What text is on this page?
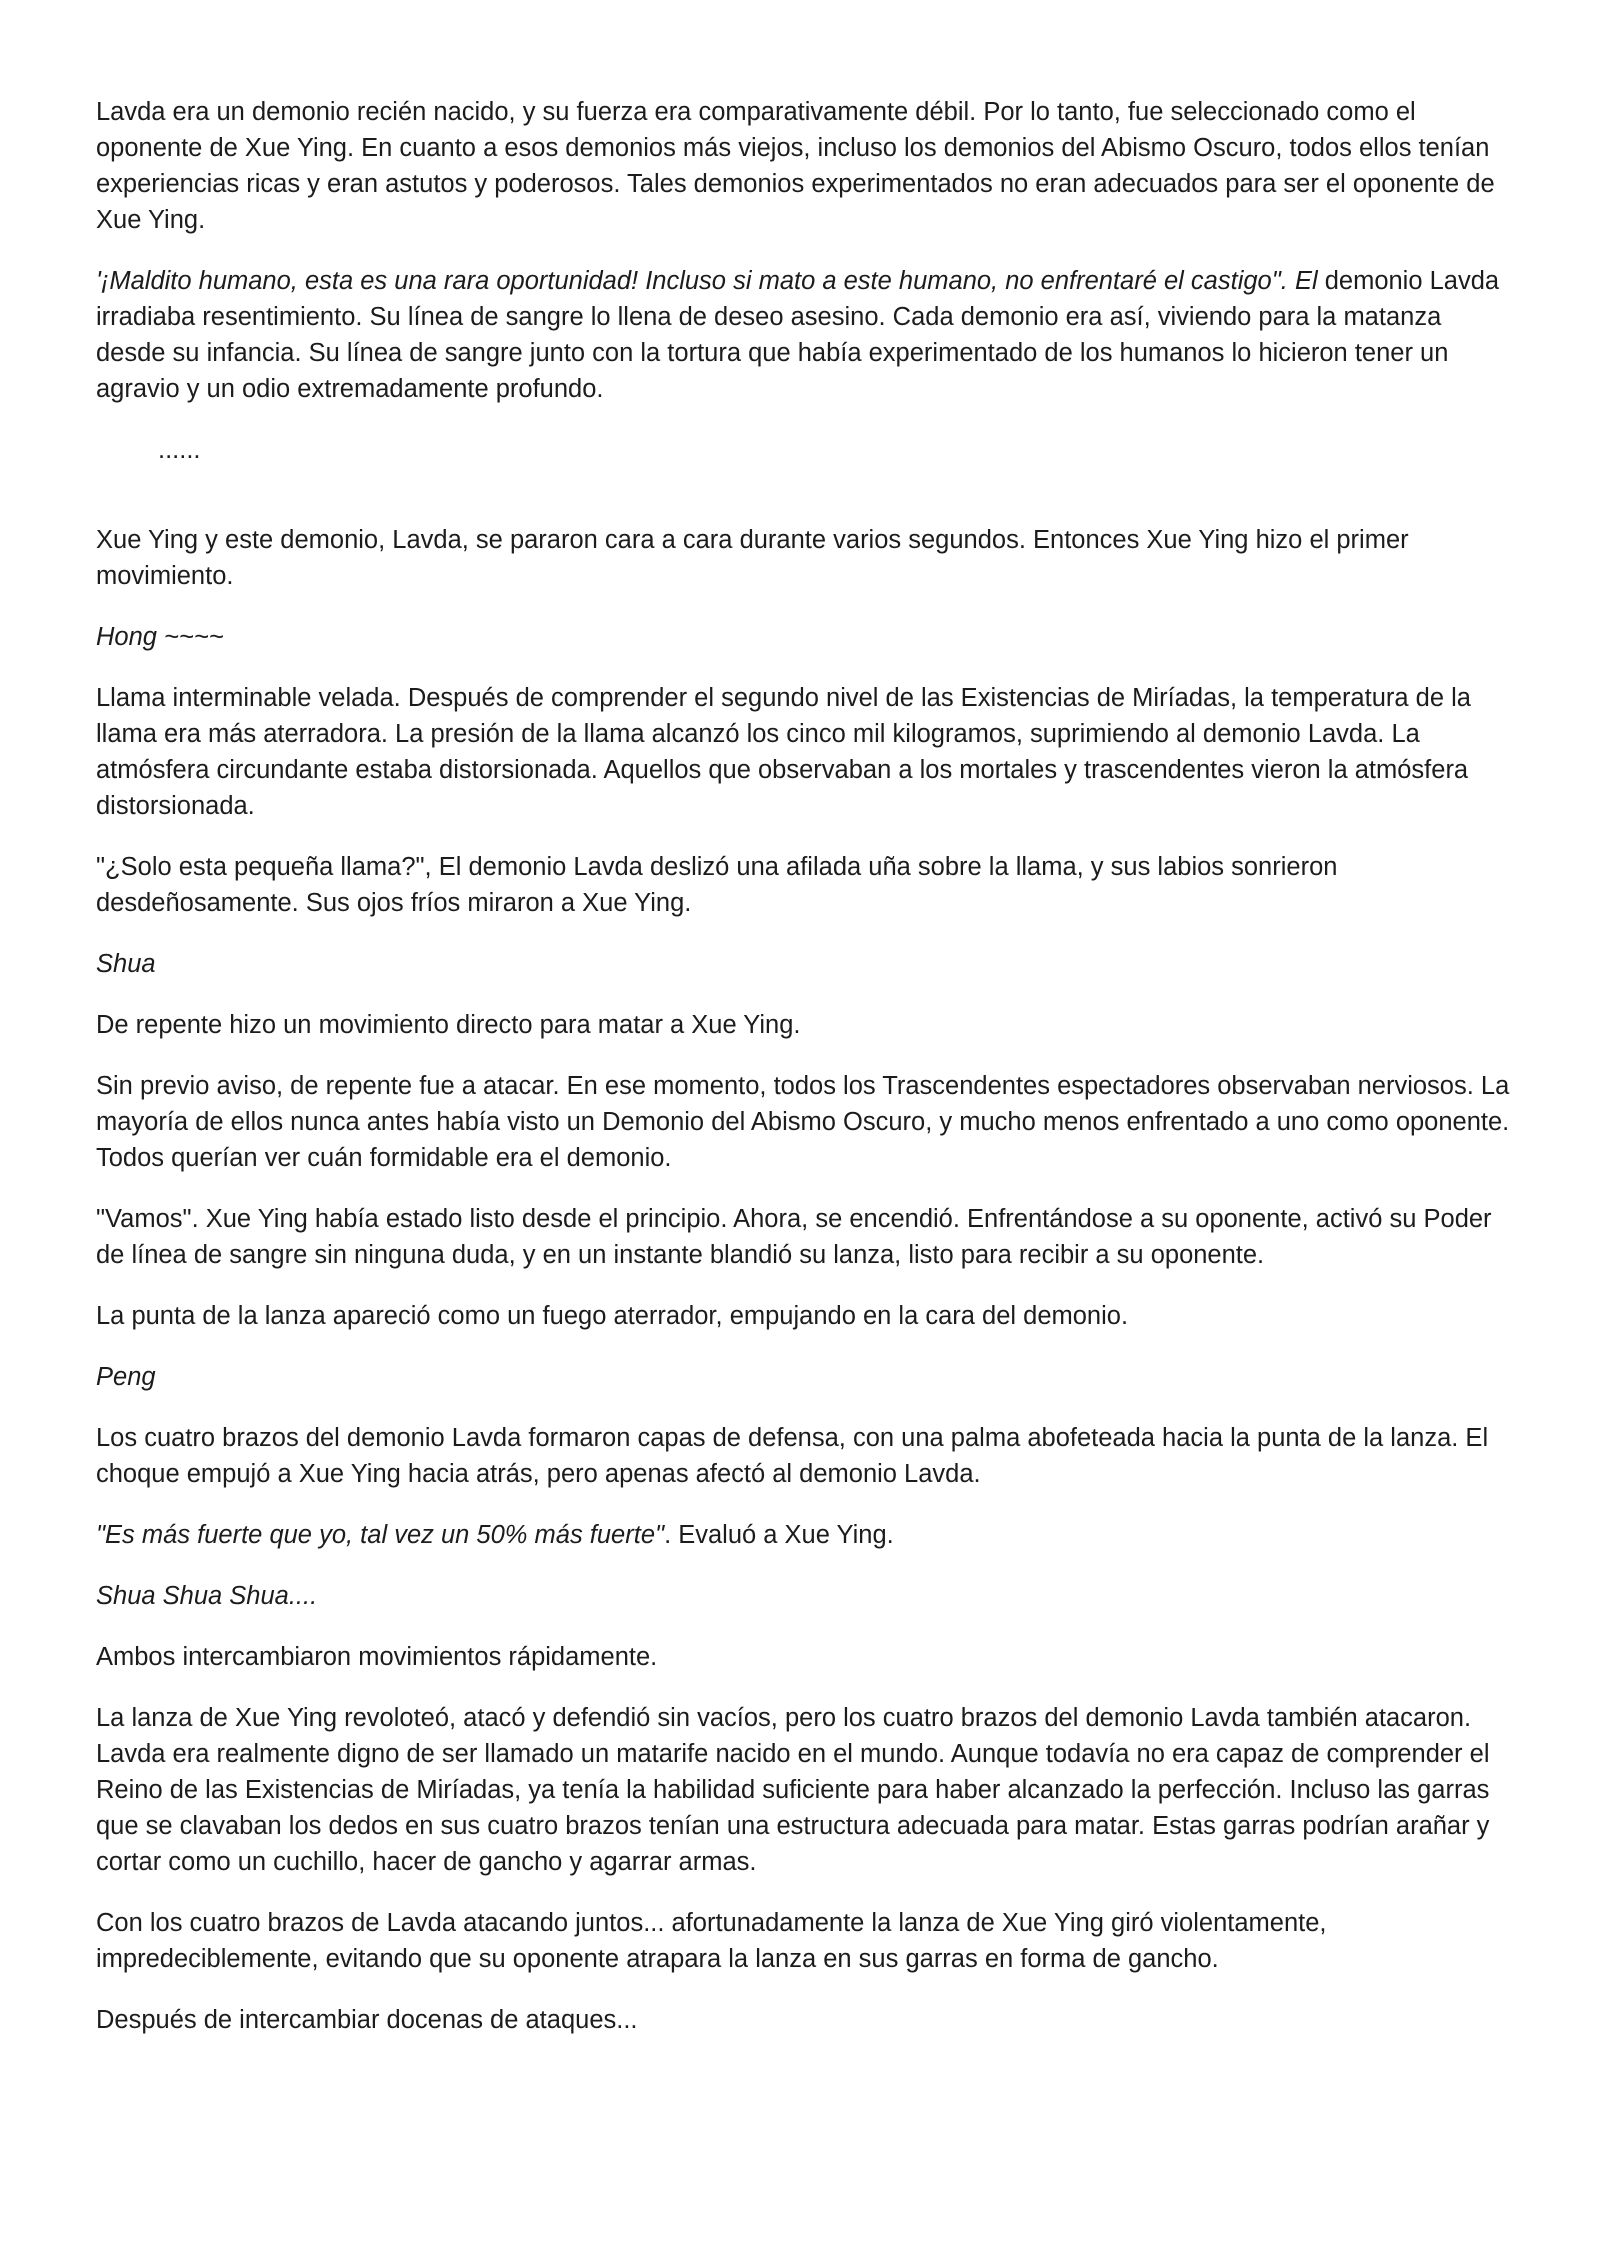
Lavda era un demonio recién nacido, y su fuerza era comparativamente débil. Por lo tanto, fue seleccionado como el oponente de Xue Ying. En cuanto a esos demonios más viejos, incluso los demonios del Abismo Oscuro, todos ellos tenían experiencias ricas y eran astutos y poderosos. Tales demonios experimentados no eran adecuados para ser el oponente de Xue Ying.

'¡Maldito humano, esta es una rara oportunidad! Incluso si mato a este humano, no enfrentaré el castigo". El demonio Lavda irradiaba resentimiento. Su línea de sangre lo llena de deseo asesino. Cada demonio era así, viviendo para la matanza desde su infancia. Su línea de sangre junto con la tortura que había experimentado de los humanos lo hicieron tener un agravio y un odio extremadamente profundo.

......

Xue Ying y este demonio, Lavda, se pararon cara a cara durante varios segundos. Entonces Xue Ying hizo el primer movimiento.

Hong ~~~~

Llama interminable velada. Después de comprender el segundo nivel de las Existencias de Miríadas, la temperatura de la llama era más aterradora. La presión de la llama alcanzó los cinco mil kilogramos, suprimiendo al demonio Lavda. La atmósfera circundante estaba distorsionada. Aquellos que observaban a los mortales y trascendentes vieron la atmósfera distorsionada.

"¿Solo esta pequeña llama?", El demonio Lavda deslizó una afilada uña sobre la llama, y sus labios sonrieron desdeñosamente. Sus ojos fríos miraron a Xue Ying.

Shua

De repente hizo un movimiento directo para matar a Xue Ying.

Sin previo aviso, de repente fue a atacar. En ese momento, todos los Trascendentes espectadores observaban nerviosos. La mayoría de ellos nunca antes había visto un Demonio del Abismo Oscuro, y mucho menos enfrentado a uno como oponente. Todos querían ver cuán formidable era el demonio.

"Vamos". Xue Ying había estado listo desde el principio. Ahora, se encendió. Enfrentándose a su oponente, activó su Poder de línea de sangre sin ninguna duda, y en un instante blandió su lanza, listo para recibir a su oponente.

La punta de la lanza apareció como un fuego aterrador, empujando en la cara del demonio.

Peng

Los cuatro brazos del demonio Lavda formaron capas de defensa, con una palma abofeteada hacia la punta de la lanza. El choque empujó a Xue Ying hacia atrás, pero apenas afectó al demonio Lavda.

"Es más fuerte que yo, tal vez un 50% más fuerte". Evaluó a Xue Ying.

Shua Shua Shua....

Ambos intercambiaron movimientos rápidamente.

La lanza de Xue Ying revoloteó, atacó y defendió sin vacíos, pero los cuatro brazos del demonio Lavda también atacaron. Lavda era realmente digno de ser llamado un matarife nacido en el mundo. Aunque todavía no era capaz de comprender el Reino de las Existencias de Miríadas, ya tenía la habilidad suficiente para haber alcanzado la perfección. Incluso las garras que se clavaban los dedos en sus cuatro brazos tenían una estructura adecuada para matar. Estas garras podrían arañar y cortar como un cuchillo, hacer de gancho y agarrar armas.

Con los cuatro brazos de Lavda atacando juntos... afortunadamente la lanza de Xue Ying giró violentamente, impredeciblemente, evitando que su oponente atrapara la lanza en sus garras en forma de gancho.

Después de intercambiar docenas de ataques...
